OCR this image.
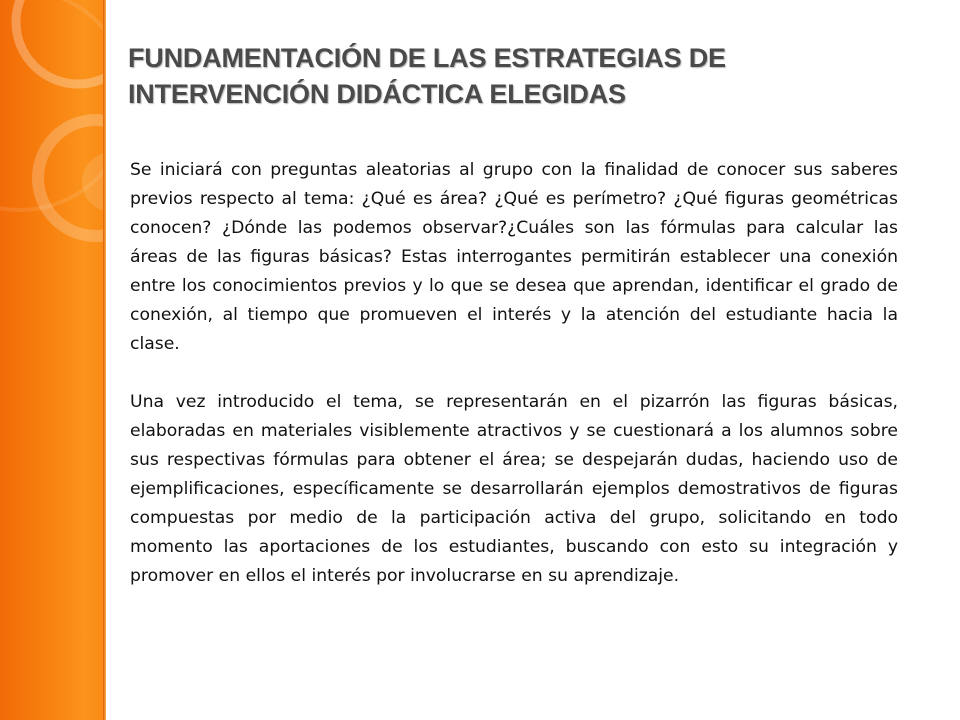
FUNDAMENTACIÓN DE LAS ESTRATEGIAS DE
INTERVENCIÓN DIDÁCTICA ELEGIDAS

Se iniciará con preguntas aleatorias al grupo con la finalidad de conocer sus saberes previos respecto al tema: ¿Qué es área? ¿Qué es perímetro? ¿Qué figuras geométricas conocen? ¿Dónde las podemos observar?¿Cuáles son las fórmulas para calcular las áreas de las figuras básicas? Estas interrogantes permitirán establecer una conexión entre los conocimientos previos y lo que se desea que aprendan, identificar el grado de conexión, al tiempo que promueven el interés y la atención del estudiante hacia la clase.

Una vez introducido el tema, se representarán en el pizarrón las figuras básicas, elaboradas en materiales visiblemente atractivos y se cuestionará a los alumnos sobre sus respectivas fórmulas para obtener el área; se despejarán dudas, haciendo uso de ejemplificaciones, específicamente se desarrollarán ejemplos demostrativos de figuras compuestas por medio de la participación activa del grupo, solicitando en todo momento las aportaciones de los estudiantes, buscando con esto su integración y promover en ellos el interés por involucrarse en su aprendizaje.
